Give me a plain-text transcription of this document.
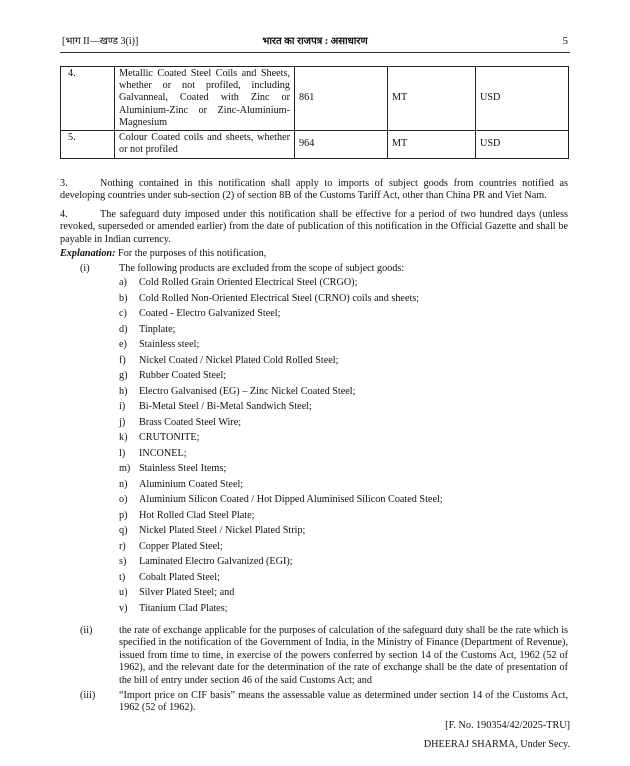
[भाग II—खण्ड 3(i)]	भारत का राजपत्र : असाधारण	5
4.	Metallic Coated Steel Coils and Sheets, whether or not profiled, including Galvanneal, Coated with Zinc or Aluminium-Zinc or Zinc-Aluminium-Magnesium	861	MT	USD
5.	Colour Coated coils and sheets, whether or not profiled	964	MT	USD
3.	Nothing contained in this notification shall apply to imports of subject goods from countries notified as developing countries under sub-section (2) of section 8B of the Customs Tariff Act, other than China PR and Viet Nam.
4.	The safeguard duty imposed under this notification shall be effective for a period of two hundred days (unless revoked, superseded or amended earlier) from the date of publication of this notification in the Official Gazette and shall be payable in Indian currency.
Explanation: For the purposes of this notification,
(i)	The following products are excluded from the scope of subject goods:
a)	Cold Rolled Grain Oriented Electrical Steel (CRGO);
b)	Cold Rolled Non-Oriented Electrical Steel (CRNO) coils and sheets;
c)	Coated - Electro Galvanized Steel;
d)	Tinplate;
e)	Stainless steel;
f)	Nickel Coated / Nickel Plated Cold Rolled Steel;
g)	Rubber Coated Steel;
h)	Electro Galvanised (EG) – Zinc Nickel Coated Steel;
i)	Bi-Metal Steel / Bi-Metal Sandwich Steel;
j)	Brass Coated Steel Wire;
k)	CRUTONITE;
l)	INCONEL;
m) Stainless Steel Items;
n)	Aluminium Coated Steel;
o)	Aluminium Silicon Coated / Hot Dipped Aluminised Silicon Coated Steel;
p)	Hot Rolled Clad Steel Plate;
q)	Nickel Plated Steel / Nickel Plated Strip;
r)	Copper Plated Steel;
s)	Laminated Electro Galvanized (EGI);
t)	Cobalt Plated Steel;
u)	Silver Plated Steel; and
v)	Titanium Clad Plates;
(ii)	the rate of exchange applicable for the purposes of calculation of the safeguard duty shall be the rate which is specified in the notification of the Government of India, in the Ministry of Finance (Department of Revenue), issued from time to time, in exercise of the powers conferred by section 14 of the Customs Act, 1962 (52 of 1962), and the relevant date for the determination of the rate of exchange shall be the date of presentation of the bill of entry under section 46 of the said Customs Act; and
(iii) “Import price on CIF basis” means the assessable value as determined under section 14 of the Customs Act, 1962 (52 of 1962).
[F. No. 190354/42/2025-TRU]
DHEERAJ SHARMA, Under Secy.
